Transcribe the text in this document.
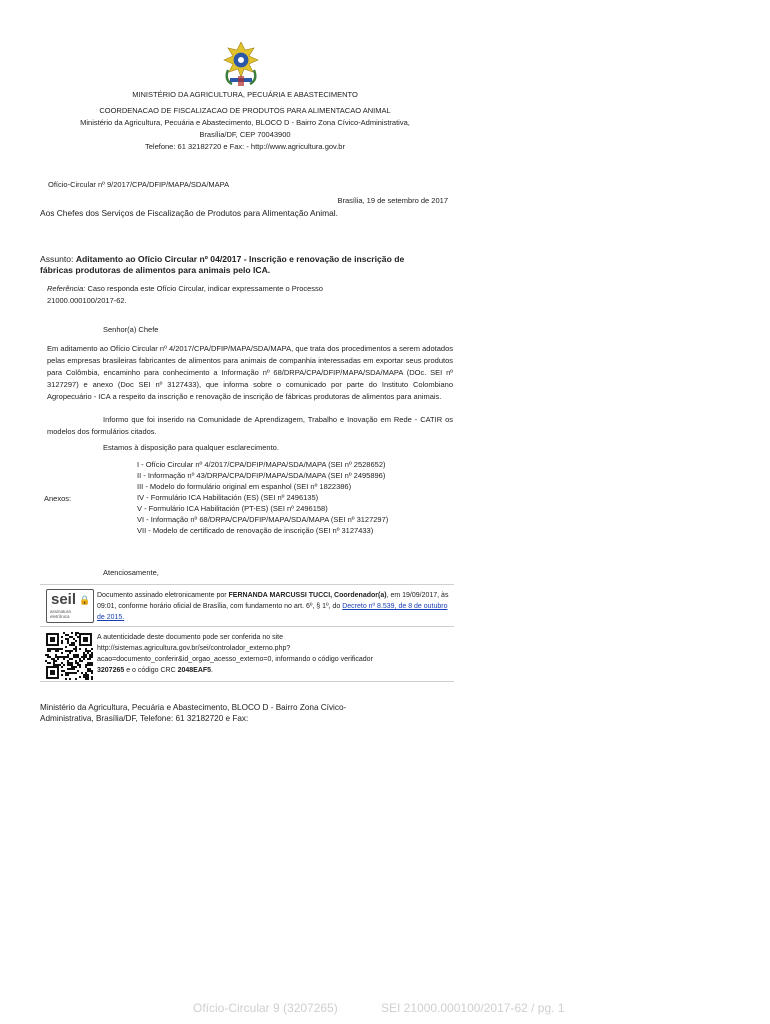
MINISTÉRIO DA AGRICULTURA, PECUÁRIA E ABASTECIMENTO
COORDENACAO DE FISCALIZACAO DE PRODUTOS PARA ALIMENTACAO ANIMAL
Ministério da Agricultura, Pecuária e Abastecimento, BLOCO D - Bairro Zona Cívico-Administrativa,
Brasília/DF, CEP 70043900
Telefone: 61 32182720 e Fax: - http://www.agricultura.gov.br
Ofício-Circular nº 9/2017/CPA/DFIP/MAPA/SDA/MAPA
Brasília, 19 de setembro de 2017
Aos Chefes dos Serviços de Fiscalização de Produtos para Alimentação Animal.
Assunto: Aditamento ao Ofício Circular nº 04/2017 - Inscrição e renovação de inscrição de
fábricas produtoras de alimentos para animais pelo ICA.
Referência: Caso responda este Ofício Circular, indicar expressamente o Processo
21000.000100/2017-62.
Senhor(a) Chefe
Em aditamento ao Ofício Circular nº 4/2017/CPA/DFIP/MAPA/SDA/MAPA, que trata dos procedimentos a serem adotados pelas empresas brasileiras fabricantes de alimentos para animais de companhia interessadas em exportar seus produtos para Colômbia, encaminho para conhecimento a Informação nº 68/DRPA/CPA/DFIP/MAPA/SDA/MAPA (DOc. SEI nº 3127297) e anexo (Doc SEI nº 3127433), que informa sobre o comunicado por parte do Instituto Colombiano Agropecuário - ICA a respeito da inscrição e renovação de inscrição de fábricas produtoras de alimentos para animais.
Informo que foi inserido na Comunidade de Aprendizagem, Trabalho e Inovação em Rede - CATIR os modelos dos formulários citados.
Estamos à disposição para qualquer esclarecimento.
Anexos:
I - Ofício Circular nº 4/2017/CPA/DFIP/MAPA/SDA/MAPA (SEI nº 2528652)
II - Informação nº 43/DRPA/CPA/DFIP/MAPA/SDA/MAPA (SEI nº 2495896)
III - Modelo do formulário original em espanhol (SEI nº 1822386)
IV - Formulário ICA Habilitación (ES) (SEI nº 2496135)
V - Formulário ICA Habilitación (PT-ES) (SEI nº 2496158)
VI - Informação nº 68/DRPA/CPA/DFIP/MAPA/SDA/MAPA (SEI nº 3127297)
VII - Modelo de certificado de renovação de inscrição (SEI nº 3127433)
Atenciosamente,
seil 🔒
assinatura
eletrônica
Documento assinado eletronicamente por FERNANDA MARCUSSI TUCCI, Coordenador(a), em 19/09/2017, às 09:01, conforme horário oficial de Brasília, com fundamento no art. 6º, § 1º, do Decreto nº 8.539, de 8 de outubro de 2015.
A autenticidade deste documento pode ser conferida no site
http://sistemas.agricultura.gov.br/sei/controlador_externo.php?
acao=documento_conferir&id_orgao_acesso_externo=0, informando o código verificador
3207265 e o código CRC 2048EAF5.
Ministério da Agricultura, Pecuária e Abastecimento, BLOCO D - Bairro Zona Cívico-
Administrativa, Brasília/DF, Telefone: 61 32182720 e Fax:
Ofício-Circular 9 (3207265)	SEI 21000.000100/2017-62 / pg. 1
